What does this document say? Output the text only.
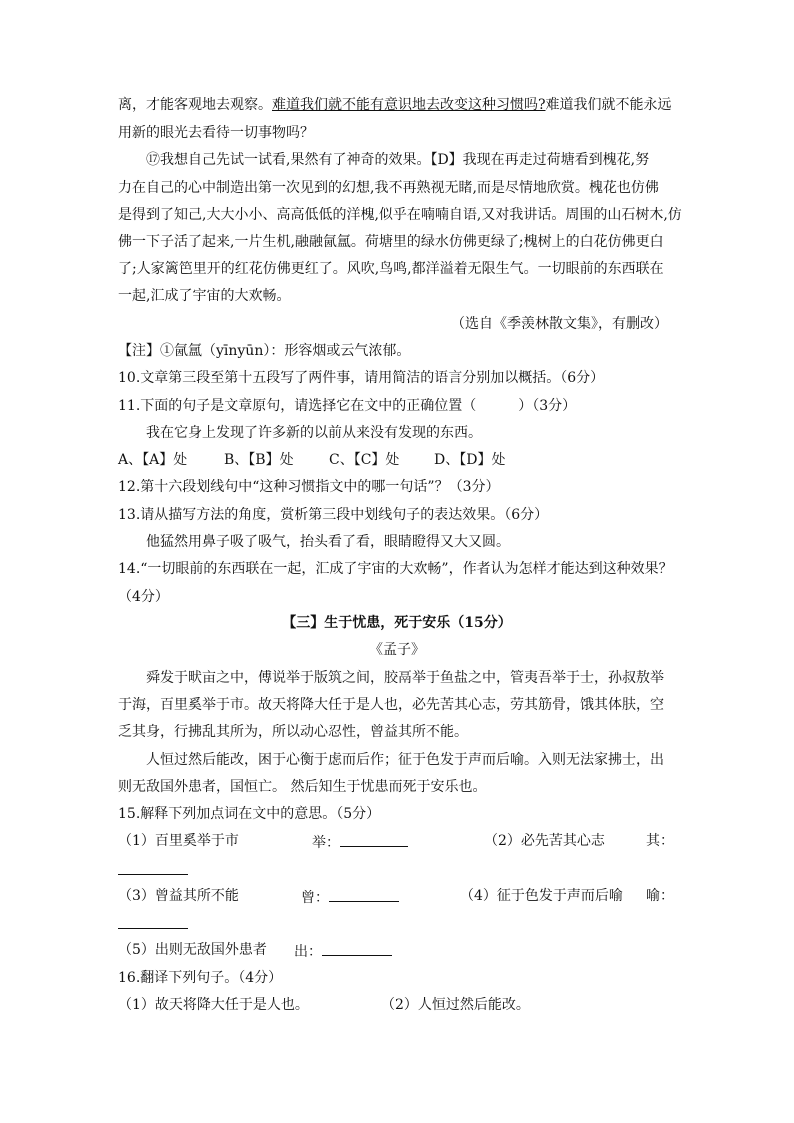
离，才能客观地去观察。难道我们就不能有意识地去改变这种习惯吗?难道我们就不能永远
用新的眼光去看待一切事物吗？
⑰我想自己先试一试看,果然有了神奇的效果。【D】我现在再走过荷塘看到槐花,努
力在自己的心中制造出第一次见到的幻想,我不再熟视无睹,而是尽情地欣赏。槐花也仿佛
是得到了知己,大大小小、高高低低的洋槐,似乎在喃喃自语,又对我讲话。周围的山石树木,仿
佛一下子活了起来,一片生机,融融氤氲。荷塘里的绿水仿佛更绿了;槐树上的白花仿佛更白
了;人家篱笆里开的红花仿佛更红了。风吹,鸟鸣,都洋溢着无限生气。一切眼前的东西联在
一起,汇成了宇宙的大欢畅。
（选自《季羡林散文集》，有删改）
【注】①氤氲（yīnyūn）：形容烟或云气浓郁。
10.文章第三段至第十五段写了两件事，请用简洁的语言分别加以概括。（6分）
11.下面的句子是文章原句，请选择它在文中的正确位置（　　　）（3分）
我在它身上发现了许多新的以前从来没有发现的东西。
A、【A】处	B、【B】处	C、【C】处 D、【D】处
12.第十六段划线句中“这种习惯指文中的哪一句话”？（3分）
13.请从描写方法的角度，赏析第三段中划线句子的表达效果。（6分）
他猛然用鼻子吸了吸气，抬头看了看，眼睛瞪得又大又圆。
14.“一切眼前的东西联在一起，汇成了宇宙的大欢畅”，作者认为怎样才能达到这种效果？
（4分）
【三】生于忧患，死于安乐（15分）
《孟子》
舜发于畎亩之中，傅说举于版筑之间，胶鬲举于鱼盐之中，管夷吾举于士，孙叔敖举
于海，百里奚举于市。故天将降大任于是人也，必先苦其心志，劳其筋骨，饿其体肤，空
乏其身，行拂乱其所为，所以动心忍性，曾益其所不能。
人恒过然后能改，困于心衡于虑而后作；征于色发于声而后喻。入则无法家拂士，出
则无敌国外患者，国恒亡。 然后知生于忧患而死于安乐也。
15.解释下列加点词在文中的意思。（5分）
（1）百里奚举于市	举：	（2）必先苦其心志	其：
（3）曾益其所不能	曾：	（4）征于色发于声而后喻 喻：
（5）出则无敌国外患者 出：
16.翻译下列句子。（4分）
（1）故天将降大任于是人也。	（2）人恒过然后能改。
